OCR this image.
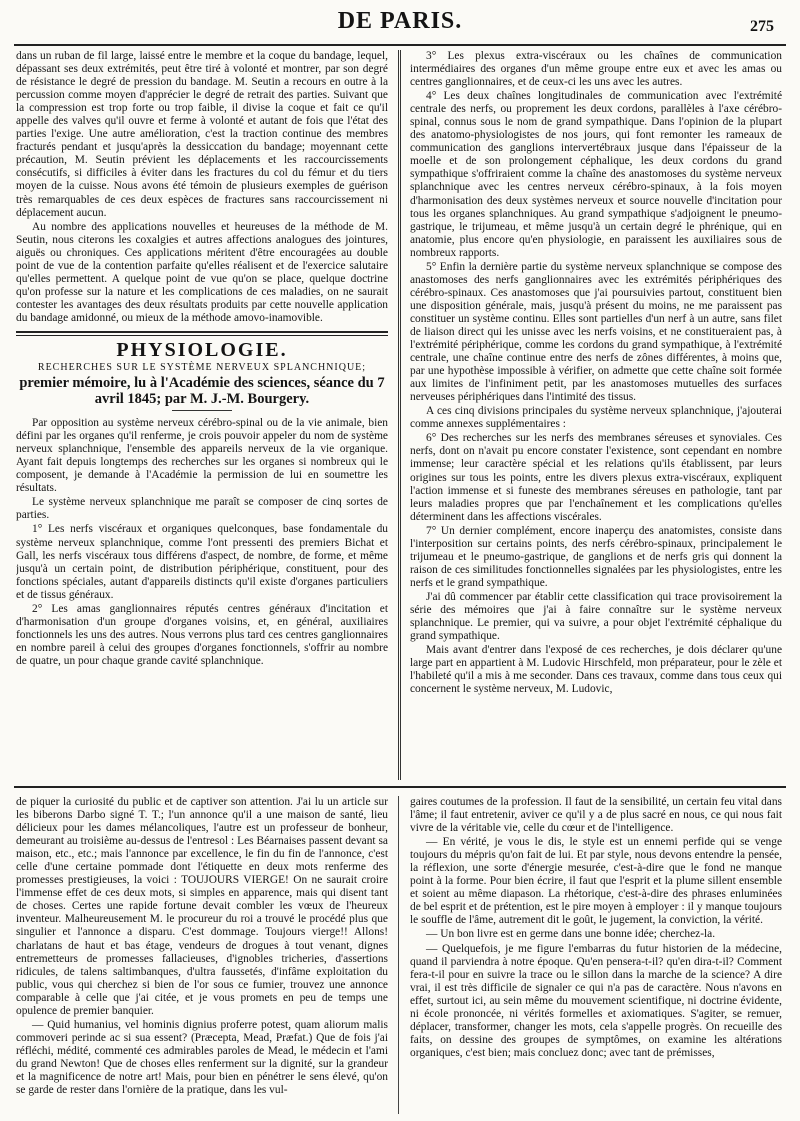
DE PARIS.	275

dans un ruban de fil large, laissé entre le membre et la coque du bandage, lequel, dépassant ses deux extrémités, peut être tiré à volonté et montrer, par son degré de résistance le degré de pression du bandage. M. Seutin a recours en outre à la percussion comme moyen d'apprécier le degré de retrait des parties. Suivant que la compression est trop forte ou trop faible, il divise la coque et fait ce qu'il appelle des valves qu'il ouvre et ferme à volonté et autant de fois que l'état des parties l'exige. Une autre amélioration, c'est la traction continue des membres fracturés pendant et jusqu'après la dessiccation du bandage; moyennant cette précaution, M. Seutin prévient les déplacements et les raccourcissements consécutifs, si difficiles à éviter dans les fractures du col du fémur et du tiers moyen de la cuisse. Nous avons été témoin de plusieurs exemples de guérison très remarquables de ces deux espèces de fractures sans raccourcissement ni déplacement aucun.

Au nombre des applications nouvelles et heureuses de la méthode de M. Seutin, nous citerons les coxalgies et autres affections analogues des jointures, aiguës ou chroniques. Ces applications méritent d'être encouragées au double point de vue de la contention parfaite qu'elles réalisent et de l'exercice salutaire qu'elles permettent. A quelque point de vue qu'on se place, quelque doctrine qu'on professe sur la nature et les complications de ces maladies, on ne saurait contester les avantages des deux résultats produits par cette nouvelle application du bandage amidonné, ou mieux de la méthode amovo-inamovible.

PHYSIOLOGIE.
RECHERCHES SUR LE SYSTÈME NERVEUX SPLANCHNIQUE;
premier mémoire, lu à l'Académie des sciences, séance du 7 avril 1845; par M. J.-M. Bourgery.

Par opposition au système nerveux cérébro-spinal ou de la vie animale, bien défini par les organes qu'il renferme, je crois pouvoir appeler du nom de système nerveux splanchnique, l'ensemble des appareils nerveux de la vie organique. Ayant fait depuis longtemps des recherches sur les organes si nombreux qui le composent, je demande à l'Académie la permission de lui en soumettre les résultats.

Le système nerveux splanchnique me paraît se composer de cinq sortes de parties.

1° Les nerfs viscéraux et organiques quelconques, base fondamentale du système nerveux splanchnique, comme l'ont pressenti des premiers Bichat et Gall, les nerfs viscéraux tous différens d'aspect, de nombre, de forme, et même jusqu'à un certain point, de distribution périphérique, constituent, pour des fonctions spéciales, autant d'appareils distincts qu'il existe d'organes particuliers et de tissus généraux.

2° Les amas ganglionnaires réputés centres généraux d'incitation et d'harmonisation d'un groupe d'organes voisins, et, en général, auxiliaires fonctionnels les uns des autres. Nous verrons plus tard ces centres ganglionnaires en nombre pareil à celui des groupes d'organes fonctionnels, s'offrir au nombre de quatre, un pour chaque grande cavité splanchnique.

3° Les plexus extra-viscéraux ou les chaînes de communication intermédiaires des organes d'un même groupe entre eux et avec les amas ou centres ganglionnaires, et de ceux-ci les uns avec les autres.

4° Les deux chaînes longitudinales de communication avec l'extrémité centrale des nerfs, ou proprement les deux cordons, parallèles à l'axe cérébro-spinal, connus sous le nom de grand sympathique. Dans l'opinion de la plupart des anatomo-physiologistes de nos jours, qui font remonter les rameaux de communication des ganglions intervertébraux jusque dans l'épaisseur de la moelle et de son prolongement céphalique, les deux cordons du grand sympathique s'offriraient comme la chaîne des anastomoses du système nerveux splanchnique avec les centres nerveux cérébro-spinaux, à la fois moyen d'harmonisation des deux systèmes nerveux et source nouvelle d'incitation pour tous les organes splanchniques. Au grand sympathique s'adjoignent le pneumo-gastrique, le trijumeau, et même jusqu'à un certain degré le phrénique, qui en anatomie, plus encore qu'en physiologie, en paraissent les auxiliaires sous de nombreux rapports.

5° Enfin la dernière partie du système nerveux splanchnique se compose des anastomoses des nerfs ganglionnaires avec les extrémités périphériques des cérébro-spinaux. Ces anastomoses que j'ai poursuivies partout, constituent bien une disposition générale, mais, jusqu'à présent du moins, ne me paraissent pas constituer un système continu. Elles sont partielles d'un nerf à un autre, sans filet de liaison direct qui les unisse avec les nerfs voisins, et ne constitueraient pas, à l'extrémité périphérique, comme les cordons du grand sympathique, à l'extrémité centrale, une chaîne continue entre des nerfs de zônes différentes, à moins que, par une hypothèse impossible à vérifier, on admette que cette chaîne soit formée aux limites de l'infiniment petit, par les anastomoses mutuelles des surfaces nerveuses périphériques dans l'intimité des tissus.

A ces cinq divisions principales du système nerveux splanchnique, j'ajouterai comme annexes supplémentaires :

6° Des recherches sur les nerfs des membranes séreuses et synoviales. Ces nerfs, dont on n'avait pu encore constater l'existence, sont cependant en nombre immense; leur caractère spécial et les relations qu'ils établissent, par leurs origines sur tous les points, entre les divers plexus extra-viscéraux, expliquent l'action immense et si funeste des membranes séreuses en pathologie, tant par leurs maladies propres que par l'enchaînement et les complications qu'elles déterminent dans les affections viscérales.

7° Un dernier complément, encore inaperçu des anatomistes, consiste dans l'interposition sur certains points, des nerfs cérébro-spinaux, principalement le trijumeau et le pneumo-gastrique, de ganglions et de nerfs gris qui donnent la raison de ces similitudes fonctionnelles signalées par les physiologistes, entre les nerfs et le grand sympathique.

J'ai dû commencer par établir cette classification qui trace provisoirement la série des mémoires que j'ai à faire connaître sur le système nerveux splanchnique. Le premier, qui va suivre, a pour objet l'extrémité céphalique du grand sympathique.

Mais avant d'entrer dans l'exposé de ces recherches, je dois déclarer qu'une large part en appartient à M. Ludovic Hirschfeld, mon préparateur, pour le zèle et l'habileté qu'il a mis à me seconder. Dans ces travaux, comme dans tous ceux qui concernent le système nerveux, M. Ludovic,

de piquer la curiosité du public et de captiver son attention. J'ai lu un article sur les biberons Darbo signé T. T.; l'un annonce qu'il a une maison de santé, lieu délicieux pour les dames mélancoliques, l'autre est un professeur de bonheur, demeurant au troisième au-dessus de l'entresol : Les Béarnaises passent devant sa maison, etc., etc.; mais l'annonce par excellence, le fin du fin de l'annonce, c'est celle d'une certaine pommade dont l'étiquette en deux mots renferme des promesses prestigieuses, la voici : TOUJOURS VIERGE! On ne saurait croire l'immense effet de ces deux mots, si simples en apparence, mais qui disent tant de choses. Certes une rapide fortune devait combler les vœux de l'heureux inventeur. Malheureusement M. le procureur du roi a trouvé le procédé plus que singulier et l'annonce a disparu. C'est dommage. Toujours vierge!! Allons! charlatans de haut et bas étage, vendeurs de drogues à tout venant, dignes entremetteurs de promesses fallacieuses, d'ignobles tricheries, d'assertions ridicules, de talens saltimbanques, d'ultra faussetés, d'infâme exploitation du public, vous qui cherchez si bien de l'or sous ce fumier, trouvez une annonce comparable à celle que j'ai citée, et je vous promets en peu de temps une opulence de premier banquier.

— Quid humanius, vel hominis dignius proferre potest, quam aliorum malis commoveri perinde ac si sua essent? (Præcepta, Mead, Præfat.) Que de fois j'ai réfléchi, médité, commenté ces admirables paroles de Mead, le médecin et l'ami du grand Newton! Que de choses elles renferment sur la dignité, sur la grandeur et la magnificence de notre art! Mais, pour bien en pénétrer le sens élevé, qu'on se garde de rester dans l'ornière de la pratique, dans les vul-

gaires coutumes de la profession. Il faut de la sensibilité, un certain feu vital dans l'âme; il faut entretenir, aviver ce qu'il y a de plus sacré en nous, ce qui nous fait vivre de la véritable vie, celle du cœur et de l'intelligence.

— En vérité, je vous le dis, le style est un ennemi perfide qui se venge toujours du mépris qu'on fait de lui. Et par style, nous devons entendre la pensée, la réflexion, une sorte d'énergie mesurée, c'est-à-dire que le fond ne manque point à la forme. Pour bien écrire, il faut que l'esprit et la plume sillent ensemble et soient au même diapason. La rhétorique, c'est-à-dire des phrases enluminées de bel esprit et de prétention, est le pire moyen à employer : il y manque toujours le souffle de l'âme, autrement dit le goût, le jugement, la conviction, la vérité.

— Un bon livre est en germe dans une bonne idée; cherchez-la.

— Quelquefois, je me figure l'embarras du futur historien de la médecine, quand il parviendra à notre époque. Qu'en pensera-t-il? qu'en dira-t-il? Comment fera-t-il pour en suivre la trace ou le sillon dans la marche de la science? A dire vrai, il est très difficile de signaler ce qui n'a pas de caractère. Nous n'avons en effet, surtout ici, au sein même du mouvement scientifique, ni doctrine évidente, ni école prononcée, ni vérités formelles et axiomatiques. S'agiter, se remuer, déplacer, transformer, changer les mots, cela s'appelle progrès. On recueille des faits, on dessine des groupes de symptômes, on examine les altérations organiques, c'est bien; mais concluez donc; avec tant de prémisses,
